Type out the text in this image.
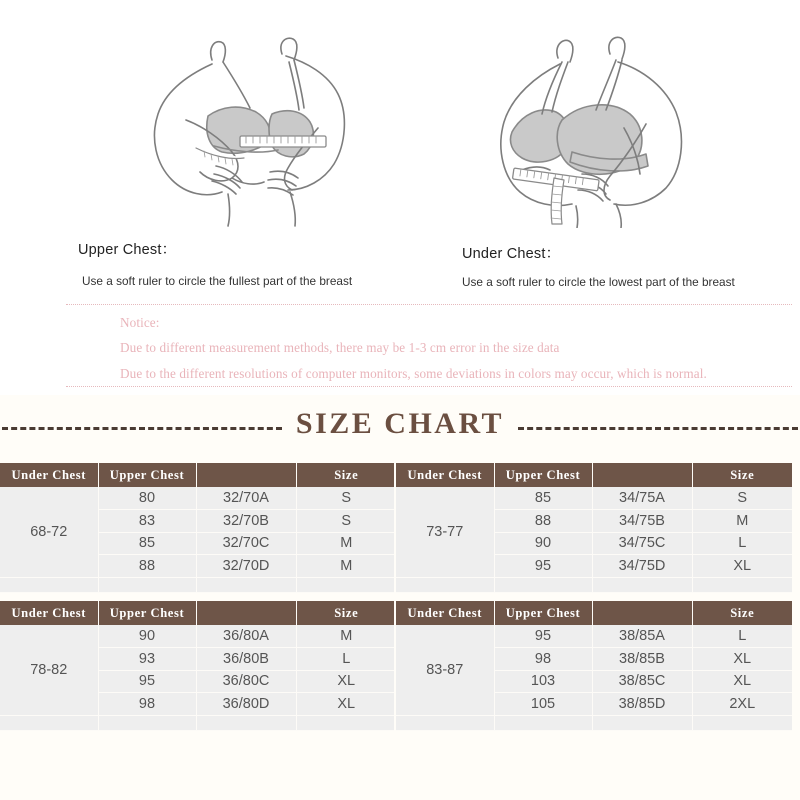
Upper Chest：
Use a soft ruler to circle the fullest part of the breast
Under Chest：
Use a soft ruler to circle the lowest part of the breast
Notice:
Due to different measurement methods, there may be 1-3 cm error in the size data
Due to the different resolutions of computer monitors, some deviations in colors may occur, which is normal.
SIZE CHART
Under Chest	Upper Chest		Size
68-72	80	32/70A	S
	83	32/70B	S
	85	32/70C	M
	88	32/70D	M

Under Chest	Upper Chest		Size
73-77	85	34/75A	S
	88	34/75B	M
	90	34/75C	L
	95	34/75D	XL

Under Chest	Upper Chest		Size
78-82	90	36/80A	M
	93	36/80B	L
	95	36/80C	XL
	98	36/80D	XL

Under Chest	Upper Chest		Size
83-87	95	38/85A	L
	98	38/85B	XL
	103	38/85C	XL
	105	38/85D	2XL
